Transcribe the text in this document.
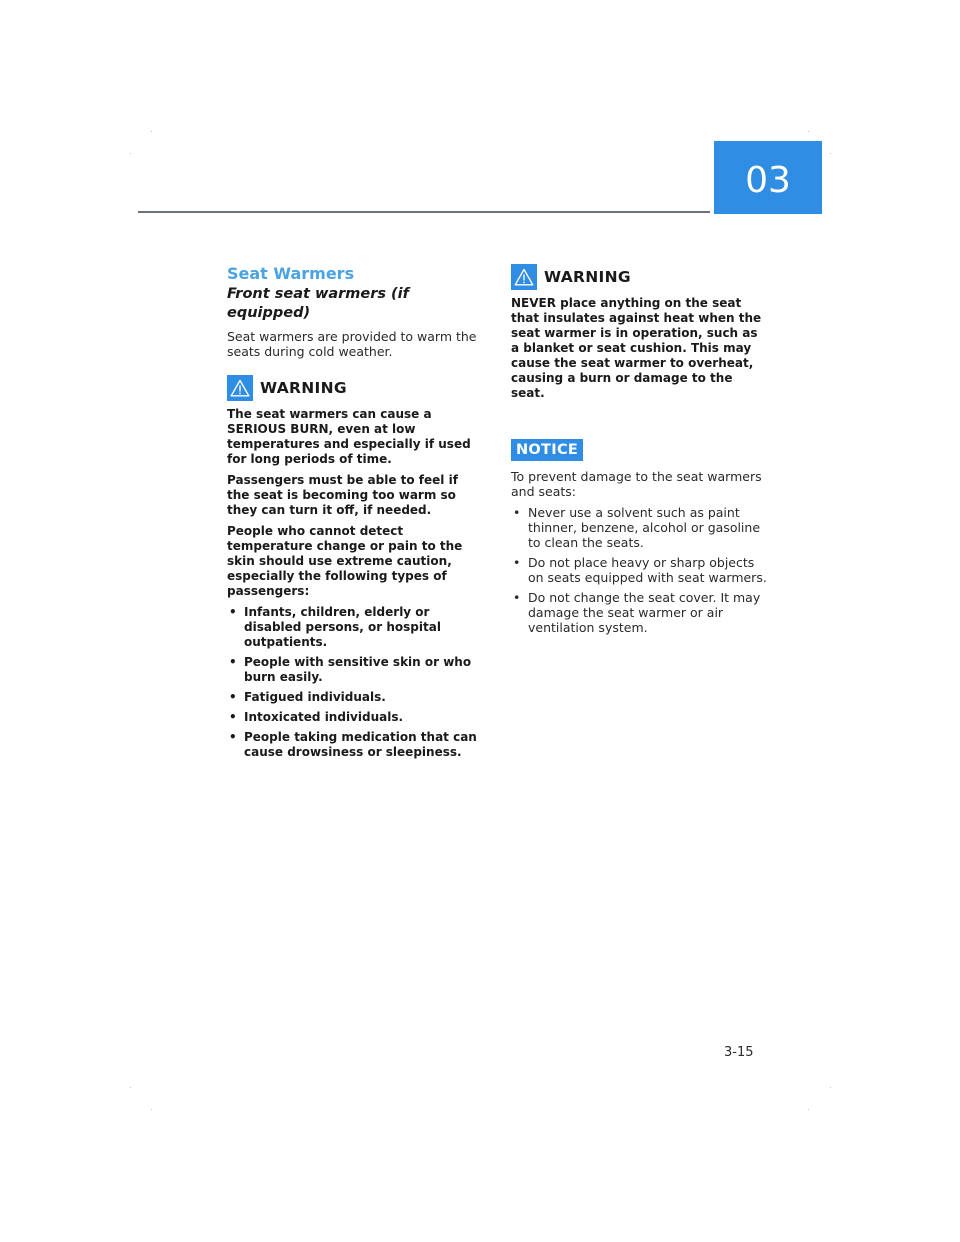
03
Seat Warmers
Front seat warmers (if equipped)

Seat warmers are provided to warm the seats during cold weather.

WARNING

The seat warmers can cause a SERIOUS BURN, even at low temperatures and especially if used for long periods of time.

Passengers must be able to feel if the seat is becoming too warm so they can turn it off, if needed.

People who cannot detect temperature change or pain to the skin should use extreme caution, especially the following types of passengers:

• Infants, children, elderly or disabled persons, or hospital outpatients.
• People with sensitive skin or who burn easily.
• Fatigued individuals.
• Intoxicated individuals.
• People taking medication that can cause drowsiness or sleepiness.
WARNING

NEVER place anything on the seat that insulates against heat when the seat warmer is in operation, such as a blanket or seat cushion. This may cause the seat warmer to overheat, causing a burn or damage to the seat.

NOTICE

To prevent damage to the seat warmers and seats:

• Never use a solvent such as paint thinner, benzene, alcohol or gasoline to clean the seats.
• Do not place heavy or sharp objects on seats equipped with seat warmers.
• Do not change the seat cover. It may damage the seat warmer or air ventilation system.
3-15
